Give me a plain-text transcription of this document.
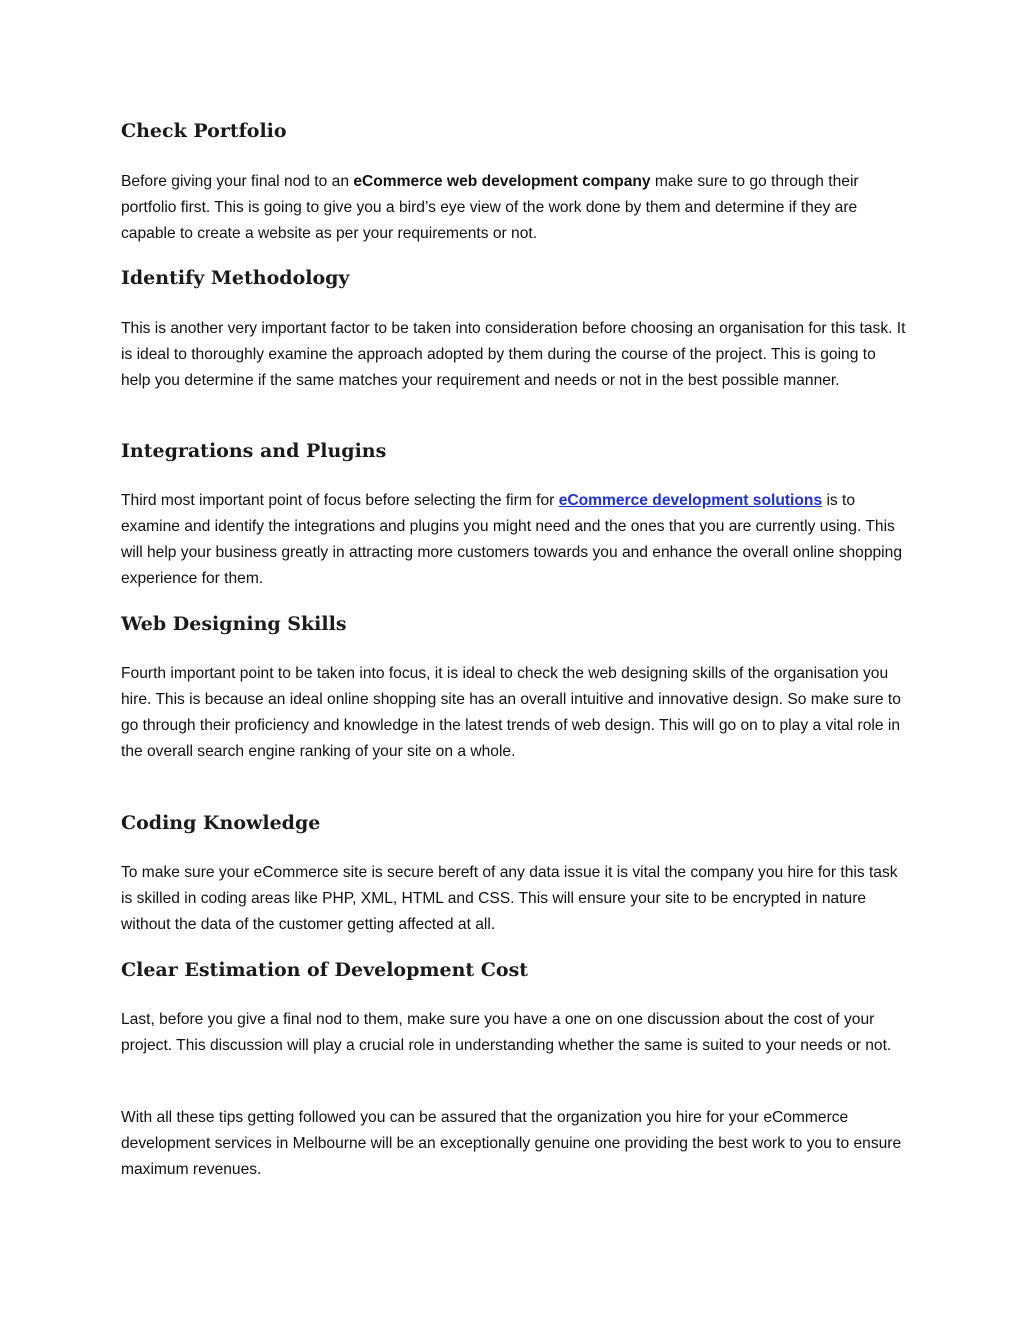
Check Portfolio

Before giving your final nod to an eCommerce web development company make sure to go through their portfolio first. This is going to give you a bird’s eye view of the work done by them and determine if they are capable to create a website as per your requirements or not.

Identify Methodology

This is another very important factor to be taken into consideration before choosing an organisation for this task. It is ideal to thoroughly examine the approach adopted by them during the course of the project. This is going to help you determine if the same matches your requirement and needs or not in the best possible manner.

Integrations and Plugins

Third most important point of focus before selecting the firm for eCommerce development solutions is to examine and identify the integrations and plugins you might need and the ones that you are currently using. This will help your business greatly in attracting more customers towards you and enhance the overall online shopping experience for them.

Web Designing Skills

Fourth important point to be taken into focus, it is ideal to check the web designing skills of the organisation you hire. This is because an ideal online shopping site has an overall intuitive and innovative design. So make sure to go through their proficiency and knowledge in the latest trends of web design. This will go on to play a vital role in the overall search engine ranking of your site on a whole.

Coding Knowledge

To make sure your eCommerce site is secure bereft of any data issue it is vital the company you hire for this task is skilled in coding areas like PHP, XML, HTML and CSS. This will ensure your site to be encrypted in nature without the data of the customer getting affected at all.

Clear Estimation of Development Cost

Last, before you give a final nod to them, make sure you have a one on one discussion about the cost of your project. This discussion will play a crucial role in understanding whether the same is suited to your needs or not.

With all these tips getting followed you can be assured that the organization you hire for your eCommerce development services in Melbourne will be an exceptionally genuine one providing the best work to you to ensure maximum revenues.
